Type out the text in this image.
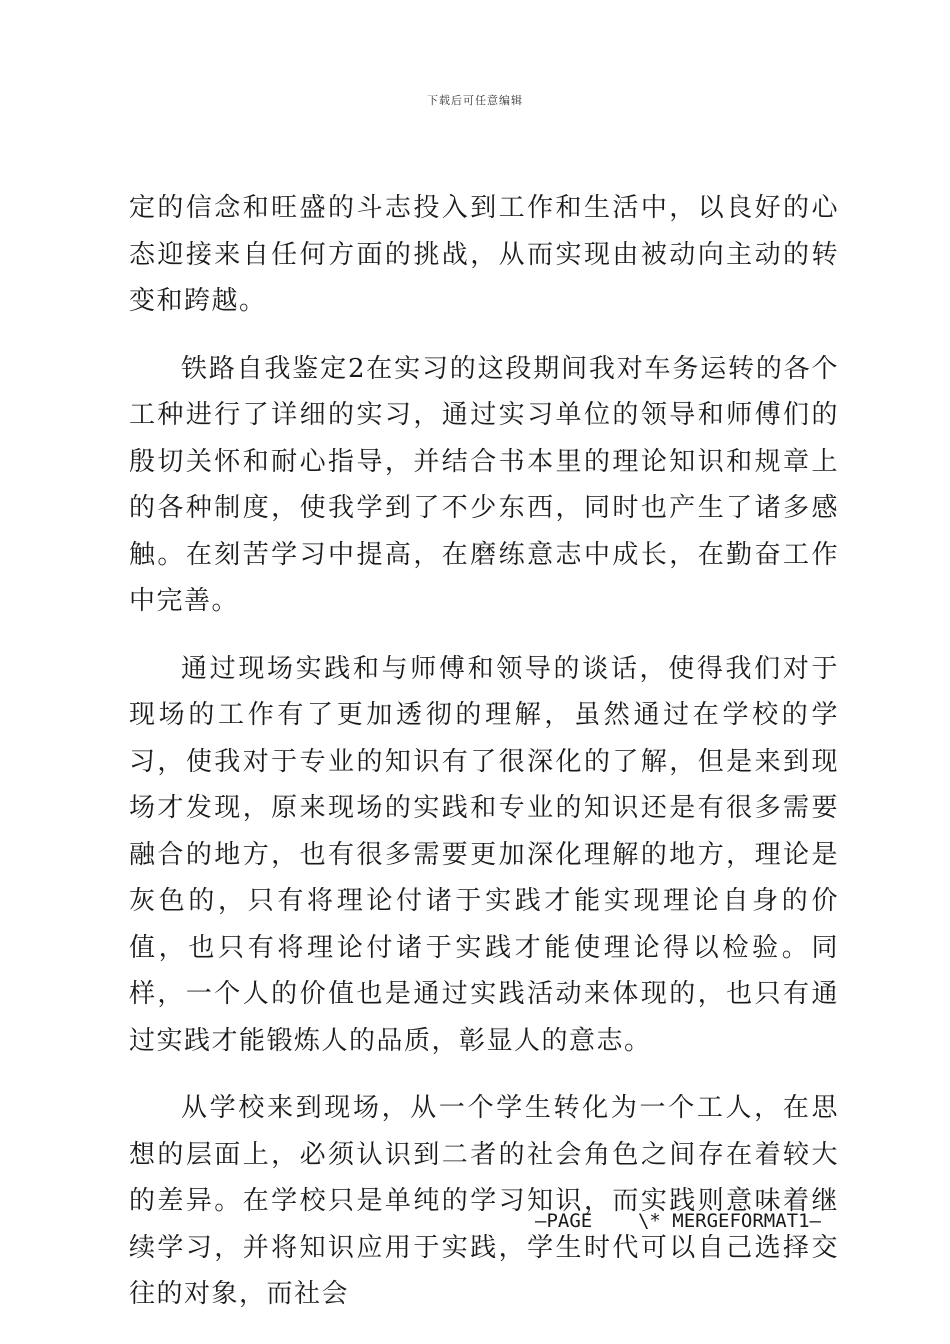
下载后可任意编辑

定的信念和旺盛的斗志投入到工作和生活中，以良好的心态迎接来自任何方面的挑战，从而实现由被动向主动的转变和跨越。

铁路自我鉴定2在实习的这段期间我对车务运转的各个工种进行了详细的实习，通过实习单位的领导和师傅们的殷切关怀和耐心指导，并结合书本里的理论知识和规章上的各种制度，使我学到了不少东西，同时也产生了诸多感触。在刻苦学习中提高，在磨练意志中成长，在勤奋工作中完善。

通过现场实践和与师傅和领导的谈话，使得我们对于现场的工作有了更加透彻的理解，虽然通过在学校的学习，使我对于专业的知识有了很深化的了解，但是来到现场才发现，原来现场的实践和专业的知识还是有很多需要融合的地方，也有很多需要更加深化理解的地方，理论是灰色的，只有将理论付诸于实践才能实现理论自身的价值，也只有将理论付诸于实践才能使理论得以检验。同样，一个人的价值也是通过实践活动来体现的，也只有通过实践才能锻炼人的品质，彰显人的意志。

从学校来到现场，从一个学生转化为一个工人，在思想的层面上，必须认识到二者的社会角色之间存在着较大的差异。在学校只是单纯的学习知识，而实践则意味着继续学习，并将知识应用于实践，学生时代可以自己选择交往的对象，而社会

—PAGE    \* MERGEFORMAT1—
